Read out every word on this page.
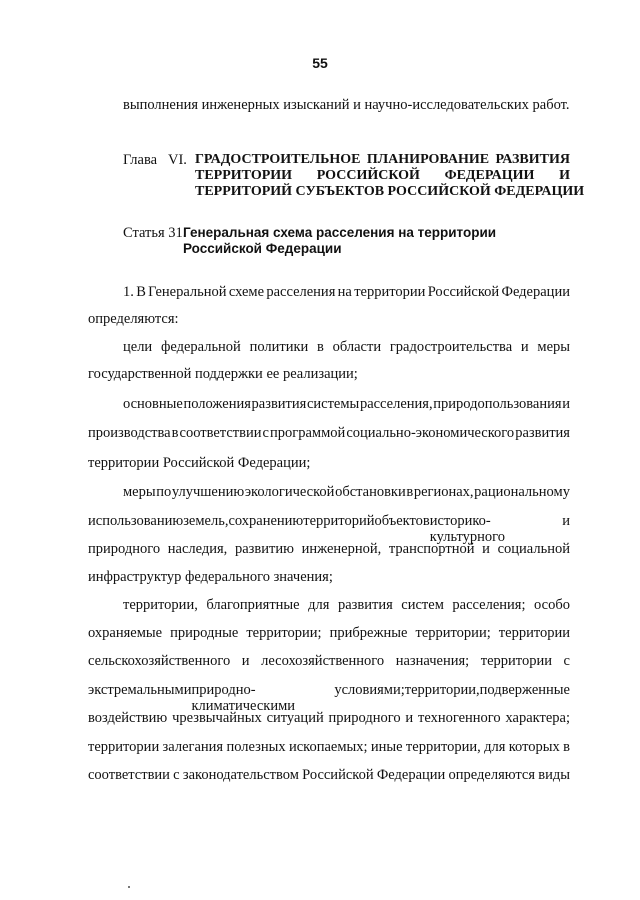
55
выполнения инженерных изысканий и научно-исследовательских работ.
Глава VI. ГРАДОСТРОИТЕЛЬНОЕ ПЛАНИРОВАНИЕ РАЗВИТИЯ
ТЕРРИТОРИИ РОССИЙСКОЙ ФЕДЕРАЦИИ И
ТЕРРИТОРИЙ СУБЪЕКТОВ РОССИЙСКОЙ ФЕДЕРАЦИИ
Статья 31.
Генеральная схема расселения на территории
Российской Федерации
1. В Генеральной схеме расселения на территории Российской Федерации
определяются:
цели федеральной политики в области градостроительства и меры
государственной поддержки ее реализации;
основные положения развития системы расселения, природопользования и
производства в соответствии с программой социально-экономического развития
территории Российской Федерации;
меры по улучшению экологической обстановки в регионах, рациональному
использованию земель, сохранению территорий объектов историко-культурного
и
природного наследия, развитию инженерной, транспортной и социальной
инфраструктур федерального значения;
территории, благоприятные для развития систем расселения; особо
охраняемые природные территории; прибрежные территории; территории
сельскохозяйственного и лесохозяйственного назначения; территории с
экстремальными природно-климатическими
условиями; территории, подверженные
воздействию чрезвычайных ситуаций природного и техногенного характера;
территории залегания полезных ископаемых; иные территории, для которых в
соответствии с законодательством Российской Федерации определяются виды
